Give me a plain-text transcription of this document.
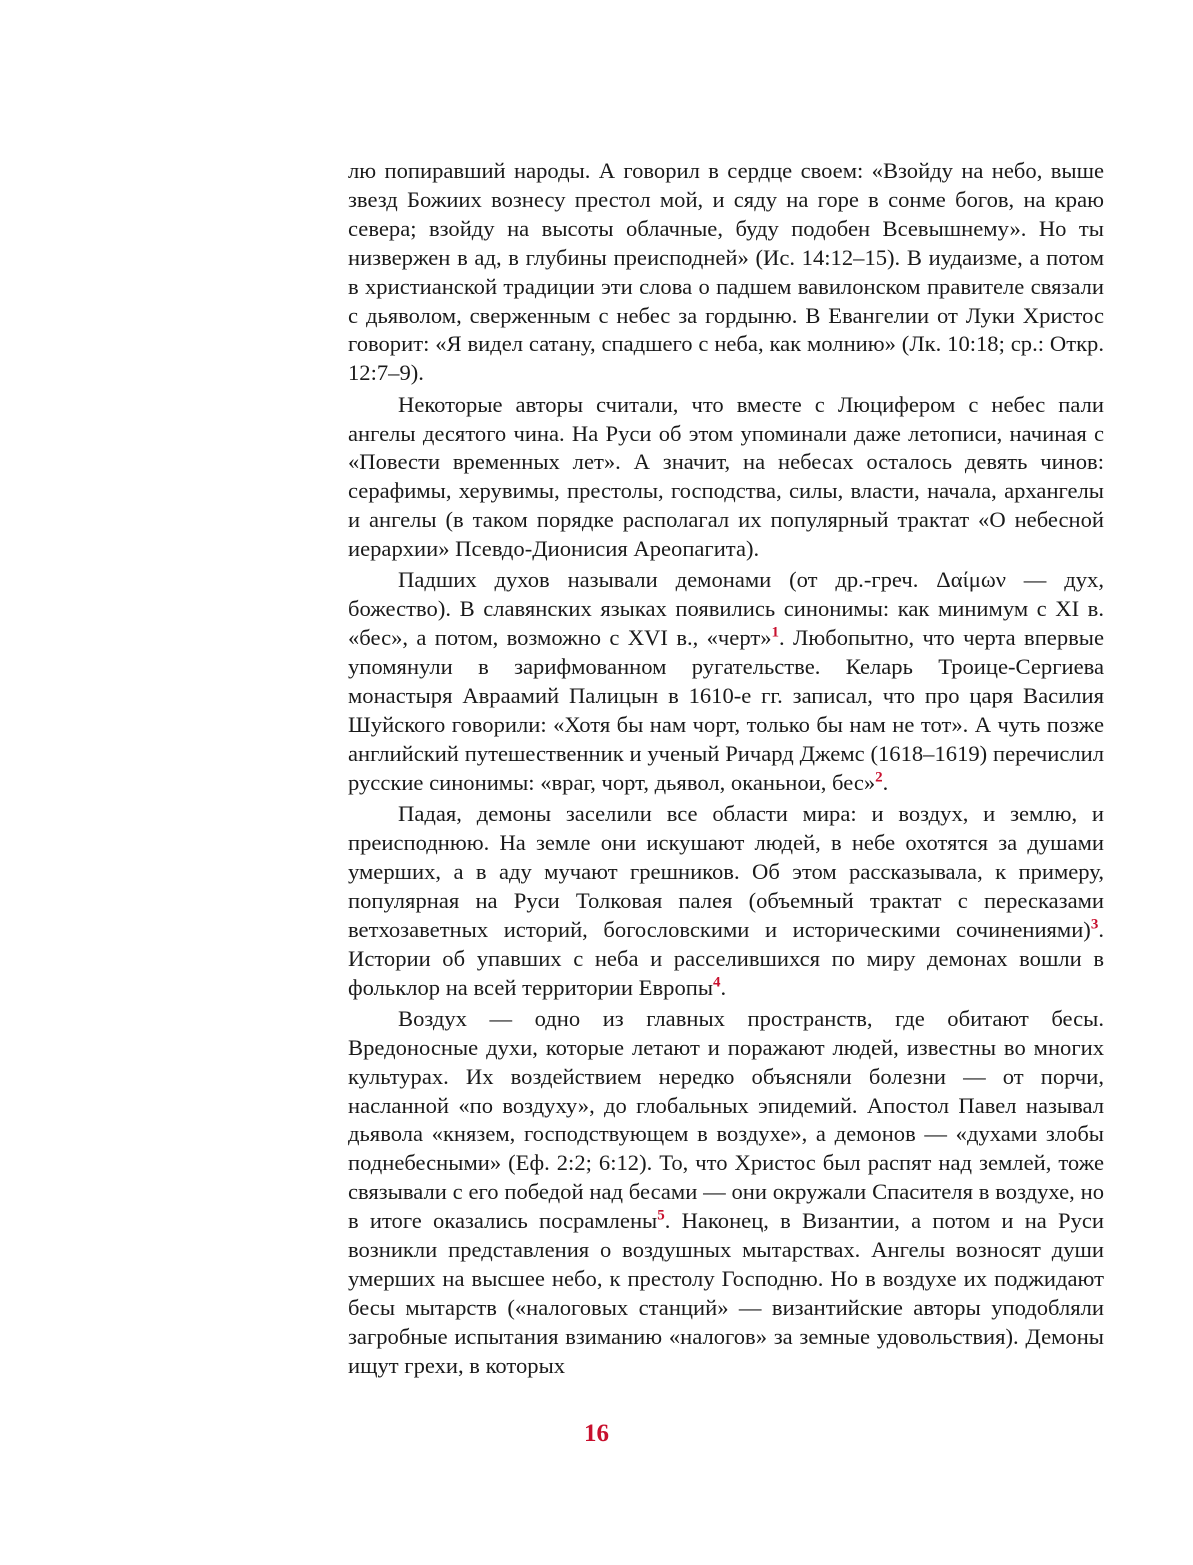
лю попиравший народы. А говорил в сердце своем: «Взойду на небо, выше звезд Божиих вознесу престол мой, и сяду на горе в сонме богов, на краю севера; взойду на высоты облачные, буду подобен Всевышнему». Но ты низвержен в ад, в глубины преисподней» (Ис. 14:12–15). В иудаизме, а потом в христианской традиции эти слова о падшем вавилонском правителе связали с дьяволом, сверженным с небес за гордыню. В Евангелии от Луки Христос говорит: «Я видел сатану, спадшего с неба, как молнию» (Лк. 10:18; ср.: Откр. 12:7–9).

Некоторые авторы считали, что вместе с Люцифером с небес пали ангелы десятого чина. На Руси об этом упоминали даже летописи, начиная с «Повести временных лет». А значит, на небесах осталось девять чинов: серафимы, херувимы, престолы, господства, силы, власти, начала, архангелы и ангелы (в таком порядке располагал их популярный трактат «О небесной иерархии» Псевдо-Дионисия Ареопагита).

Падших духов называли демонами (от др.-греч. Δαίμων — дух, божество). В славянских языках появились синонимы: как минимум с XI в. «бес», а потом, возможно с XVI в., «черт»$^1$. Любопытно, что черта впервые упомянули в зарифмованном ругательстве. Келарь Троице-Сергиева монастыря Авраамий Палицын в 1610-е гг. записал, что про царя Василия Шуйского говорили: «Хотя бы нам чорт, только бы нам не тот». А чуть позже английский путешественник и ученый Ричард Джемс (1618–1619) перечислил русские синонимы: «враг, чорт, дьявол, оканьнои, бес»$^2$.

Падая, демоны заселили все области мира: и воздух, и землю, и преисподнюю. На земле они искушают людей, в небе охотятся за душами умерших, а в аду мучают грешников. Об этом рассказывала, к примеру, популярная на Руси Толковая палея (объемный трактат с пересказами ветхозаветных историй, богословскими и историческими сочинениями)$^3$. Истории об упавших с неба и расселившихся по миру демонах вошли в фольклор на всей территории Европы$^4$.

Воздух — одно из главных пространств, где обитают бесы. Вредоносные духи, которые летают и поражают людей, известны во многих культурах. Их воздействием нередко объясняли болезни — от порчи, насланной «по воздуху», до глобальных эпидемий. Апостол Павел называл дьявола «князем, господствующем в воздухе», а демонов — «духами злобы поднебесными» (Еф. 2:2; 6:12). То, что Христос был распят над землей, тоже связывали с его победой над бесами — они окружали Спасителя в воздухе, но в итоге оказались посрамлены$^5$. Наконец, в Византии, а потом и на Руси возникли представления о воздушных мытарствах. Ангелы возносят души умерших на высшее небо, к престолу Господню. Но в воздухе их поджидают бесы мытарств («налоговых станций» — византийские авторы уподобляли загробные испытания взиманию «налогов» за земные удовольствия). Демоны ищут грехи, в которых

16
